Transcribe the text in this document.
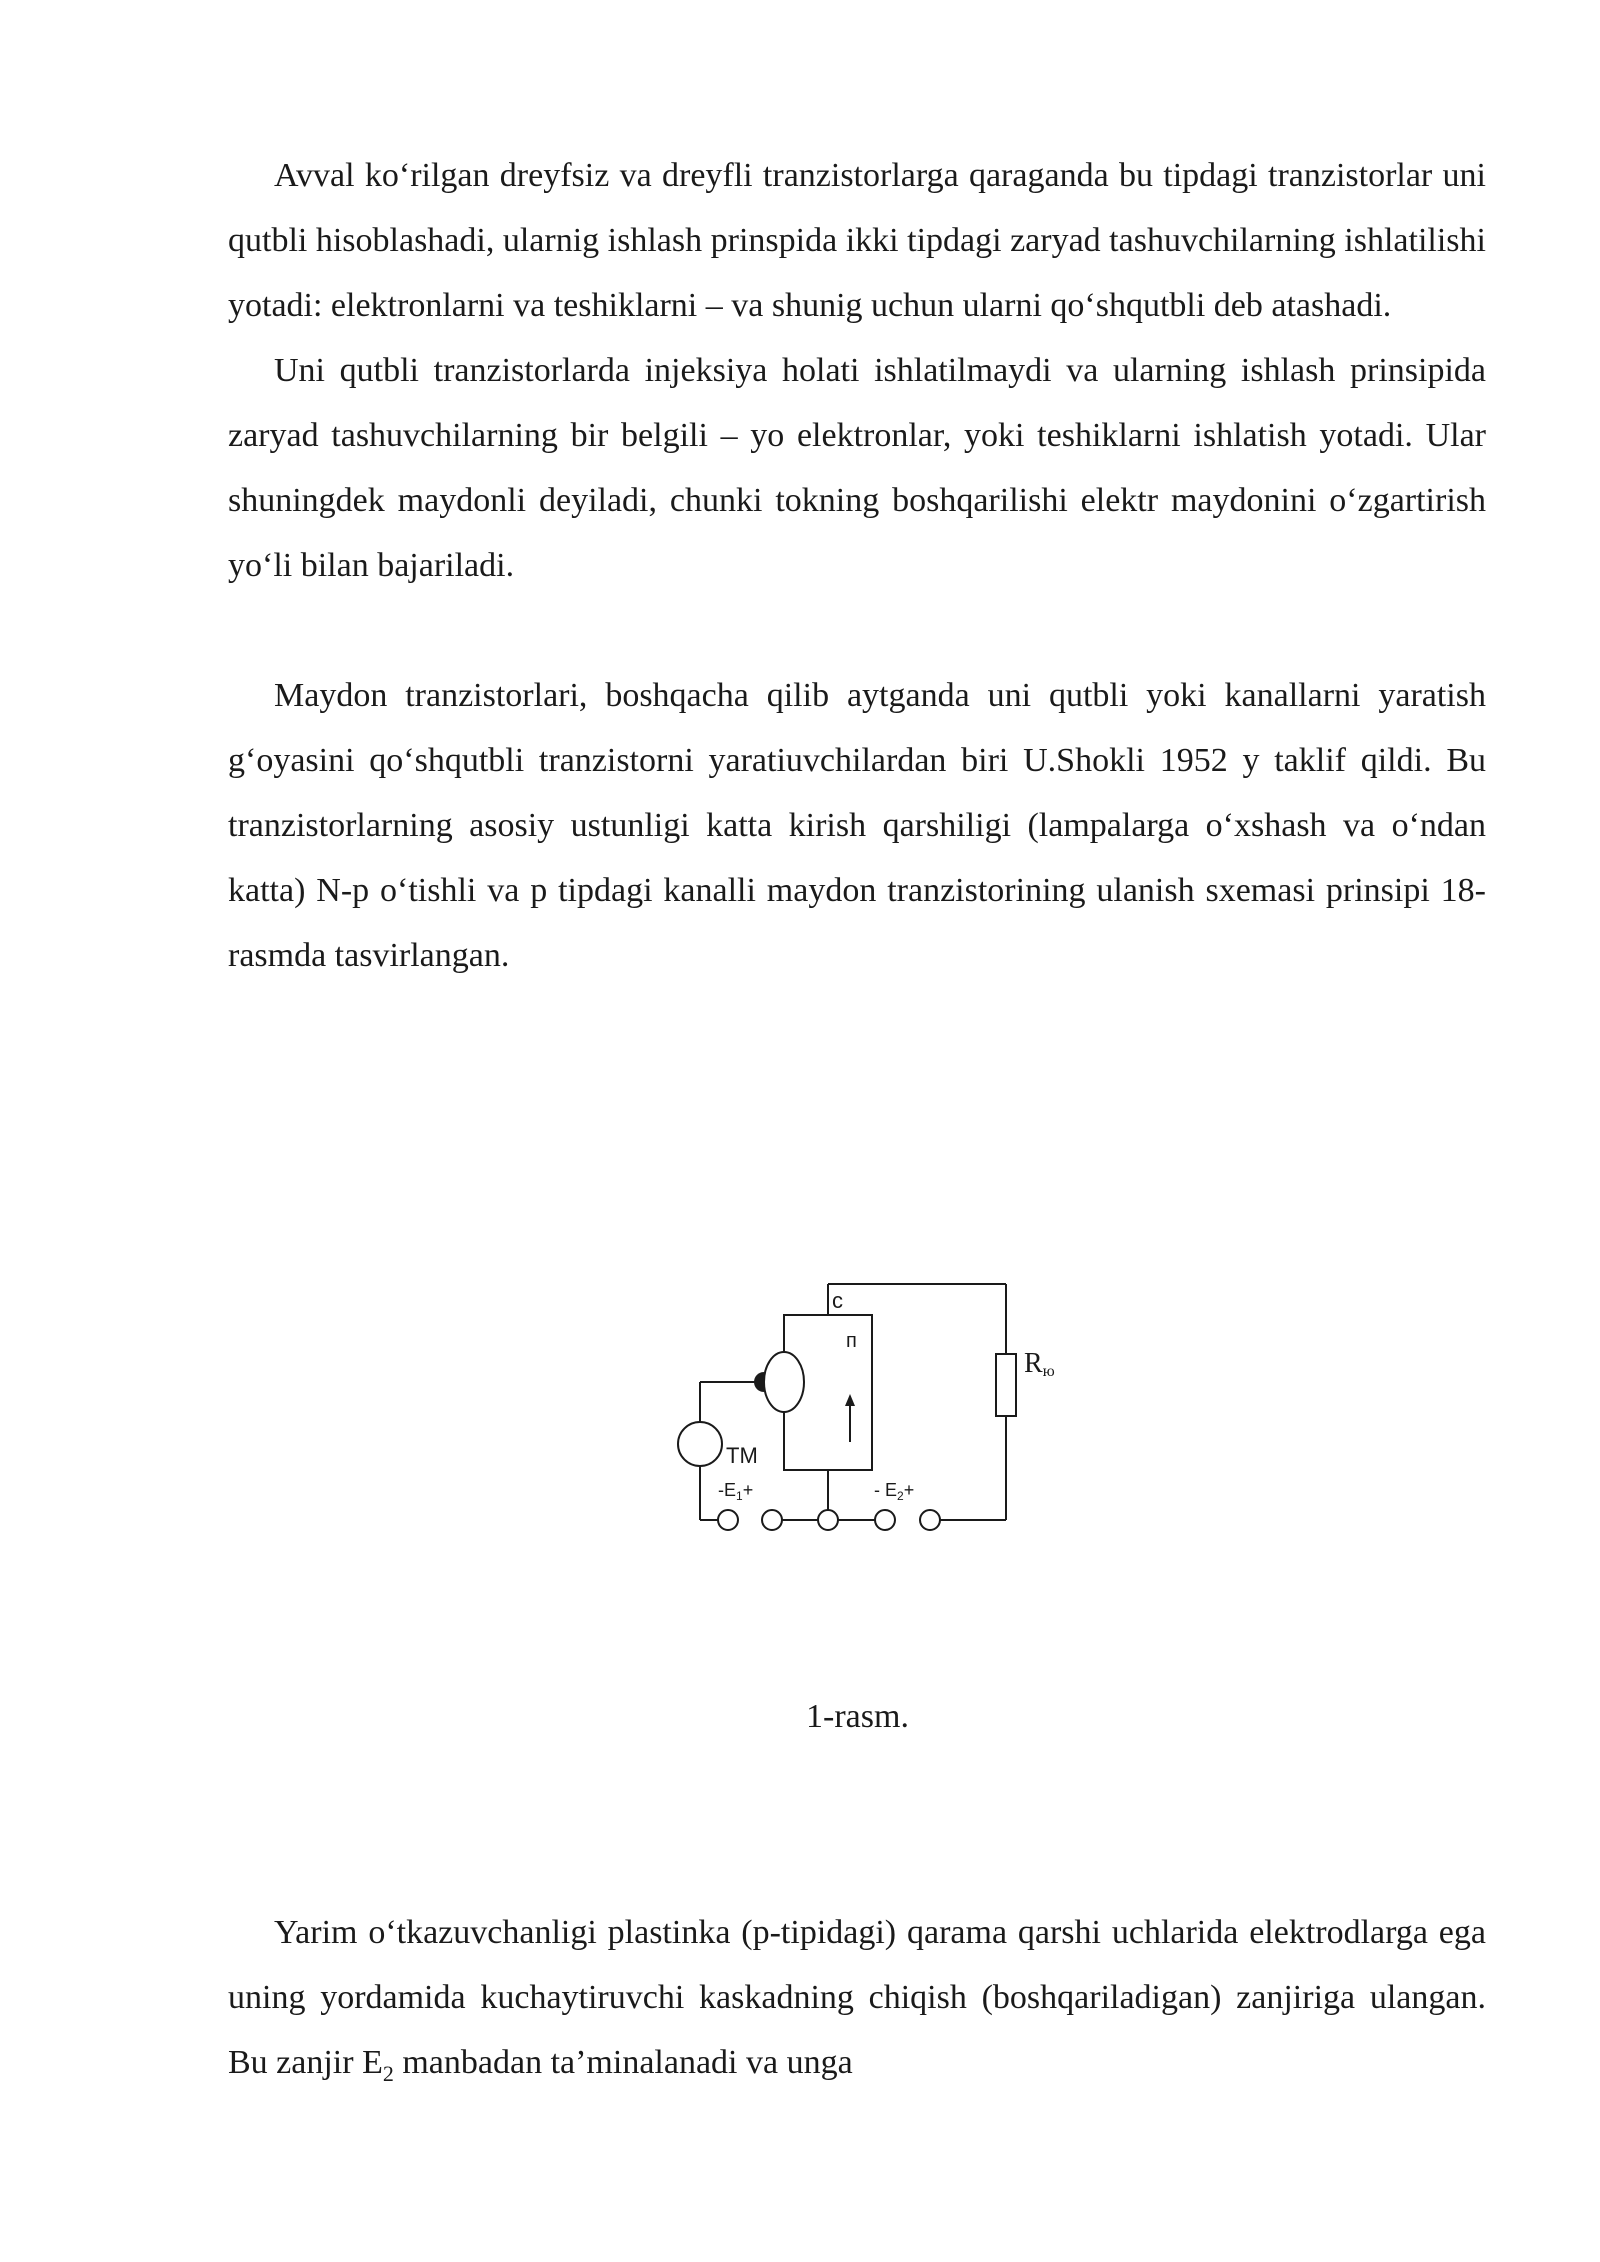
Avval ko‘rilgan dreyfsiz va dreyfli tranzistorlarga qaraganda bu tipdagi tranzistorlar uni qutbli hisoblashadi, ularnig ishlash prinspida ikki tipdagi zaryad tashuvchilarning ishlatilishi yotadi: elektronlarni va teshiklarni – va shunig uchun ularni qo‘shqutbli deb atashadi.

Uni qutbli tranzistorlarda injeksiya holati ishlatilmaydi va ularning ishlash prinsipida zaryad tashuvchilarning bir belgili – yo elektronlar, yoki teshiklarni ishlatish yotadi. Ular shuningdek maydonli deyiladi, chunki tokning boshqarilishi elektr maydonini o‘zgartirish yo‘li bilan bajariladi.

Maydon tranzistorlari, boshqacha qilib aytganda uni qutbli yoki kanallarni yaratish g‘oyasini qo‘shqutbli tranzistorni yaratiuvchilardan biri U.Shokli 1952 y taklif qildi. Bu tranzistorlarning asosiy ustunligi katta kirish qarshiligi (lampalarga o‘xshash va o‘ndan katta) N-p o‘tishli va p tipdagi kanalli maydon tranzistorining ulanish sxemasi prinsipi 18-rasmda tasvirlangan.

с
п
Rю
ТМ
$-E_1+$	- $E_2+$
1-rasm.

Yarim o‘tkazuvchanligi plastinka (p-tipidagi) qarama qarshi uchlarida elektrodlarga ega uning yordamida kuchaytiruvchi kaskadning chiqish (boshqariladigan) zanjiriga ulangan. Bu zanjir $E_2$ manbadan ta’minalanadi va unga
